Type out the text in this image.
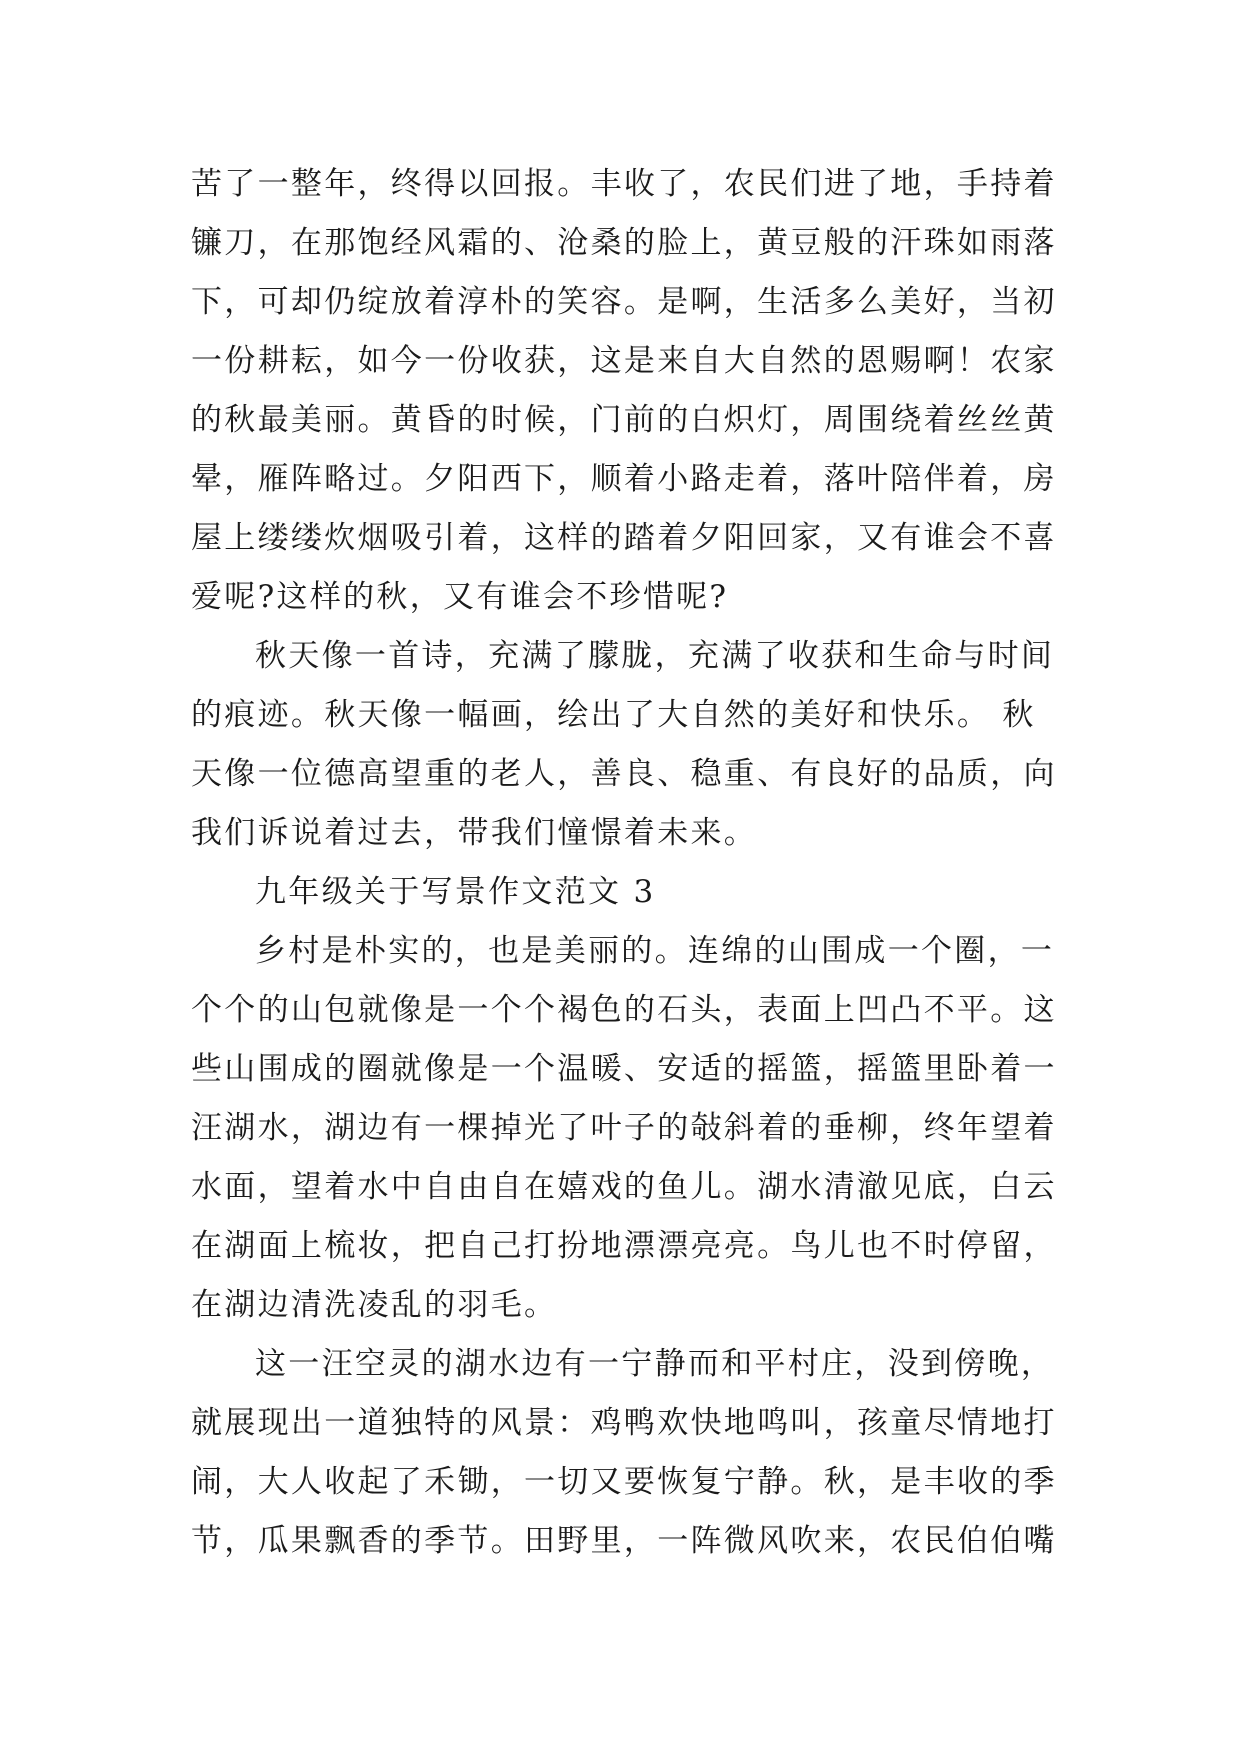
苦了一整年，终得以回报。丰收了，农民们进了地，手持着
镰刀，在那饱经风霜的、沧桑的脸上，黄豆般的汗珠如雨落
下，可却仍绽放着淳朴的笑容。是啊，生活多么美好，当初
一份耕耘，如今一份收获，这是来自大自然的恩赐啊！农家
的秋最美丽。黄昏的时候，门前的白炽灯，周围绕着丝丝黄
晕，雁阵略过。夕阳西下，顺着小路走着，落叶陪伴着，房
屋上缕缕炊烟吸引着，这样的踏着夕阳回家，又有谁会不喜
爱呢?这样的秋，又有谁会不珍惜呢?
秋天像一首诗，充满了朦胧，充满了收获和生命与时间
的痕迹。秋天像一幅画，绘出了大自然的美好和快乐。 秋
天像一位德高望重的老人，善良、稳重、有良好的品质，向
我们诉说着过去，带我们憧憬着未来。
九年级关于写景作文范文 3
乡村是朴实的，也是美丽的。连绵的山围成一个圈，一
个个的山包就像是一个个褐色的石头，表面上凹凸不平。这
些山围成的圈就像是一个温暖、安适的摇篮，摇篮里卧着一
汪湖水，湖边有一棵掉光了叶子的敧斜着的垂柳，终年望着
水面，望着水中自由自在嬉戏的鱼儿。湖水清澈见底，白云
在湖面上梳妆，把自己打扮地漂漂亮亮。鸟儿也不时停留，
在湖边清洗凌乱的羽毛。
这一汪空灵的湖水边有一宁静而和平村庄，没到傍晚，
就展现出一道独特的风景：鸡鸭欢快地鸣叫，孩童尽情地打
闹，大人收起了禾锄，一切又要恢复宁静。秋，是丰收的季
节，瓜果飘香的季节。田野里，一阵微风吹来，农民伯伯嘴
